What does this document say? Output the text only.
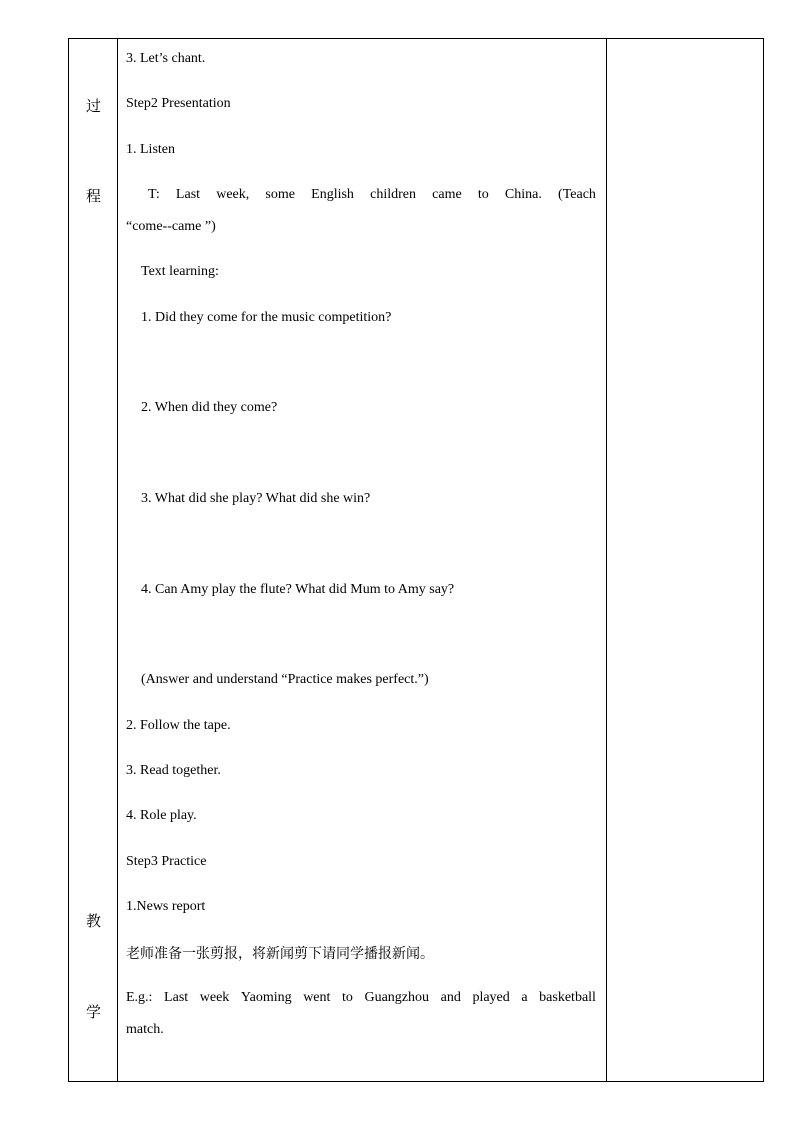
过
程
教
学
3. Let’s chant.
Step2 Presentation
1. Listen
T: Last week, some English children came to China. (Teach
“come--came ”)
Text learning:
1. Did they come for the music competition?
2. When did they come?
3. What did she play? What did she win?
4. Can Amy play the flute? What did Mum to Amy say?
(Answer and understand “Practice makes perfect.”)
2. Follow the tape.
3. Read together.
4. Role play.
Step3 Practice
1.News report
老师准备一张剪报，将新闻剪下请同学播报新闻。
E.g.: Last week Yaoming went to Guangzhou and played a basketball
match.
